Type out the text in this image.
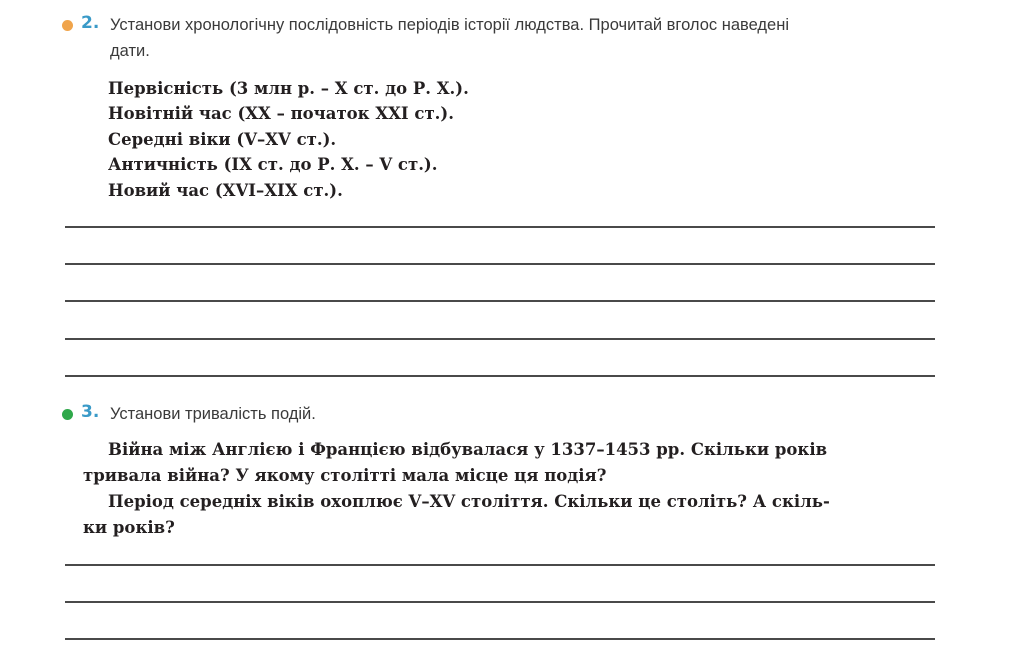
2. Установи хронологічну послідовність періодів історії людства. Прочитай вголос наведені
дати.
Первісність (3 млн р. – X ст. до Р. Х.).
Новітній час (XX – початок XXI ст.).
Середні віки (V–XV ст.).
Античність (IX ст. до Р. Х. – V ст.).
Новий час (XVI–XIX ст.).
3. Установи тривалість подій.
Війна між Англією і Францією відбувалася у 1337–1453 рр. Скільки років
тривала війна? У якому столітті мала місце ця подія?
Період середніх віків охоплює V–XV століття. Скільки це століть? А скіль-
ки років?
